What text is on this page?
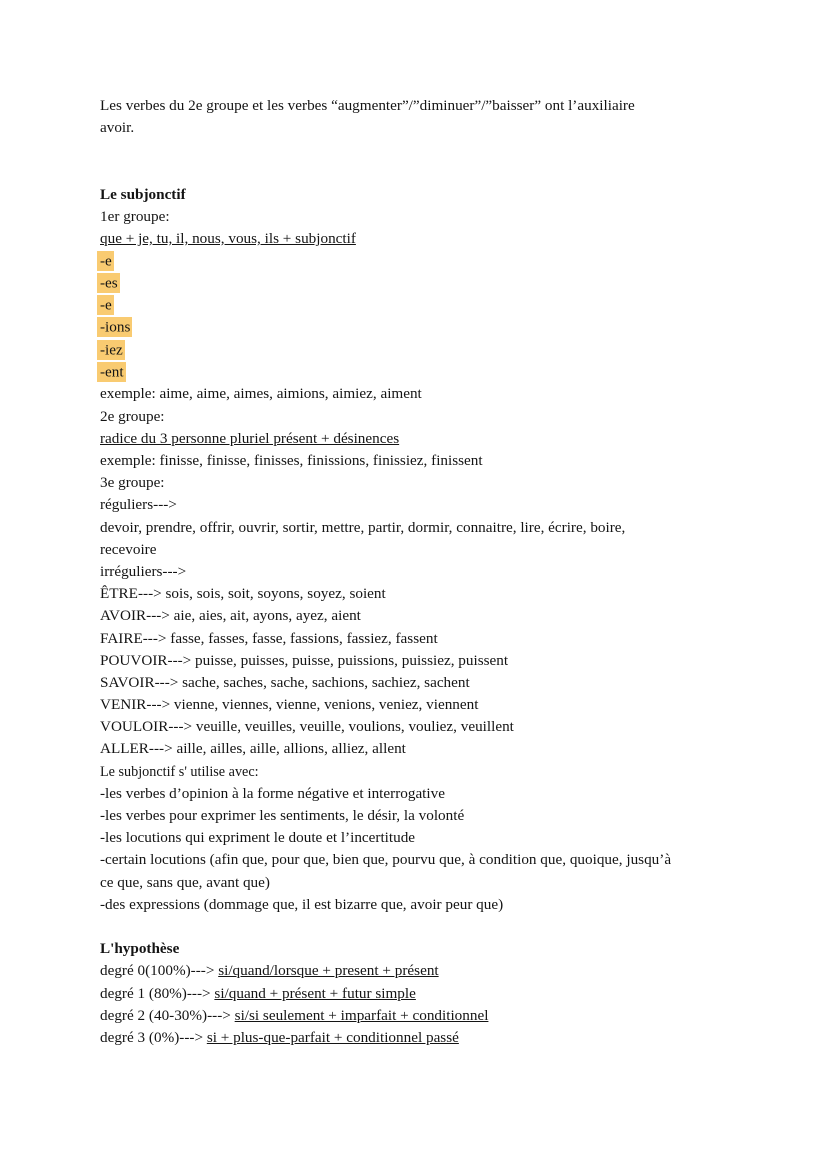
Les verbes du 2e groupe et les verbes “augmenter”/”diminuer”/”baisser” ont l’auxiliaire
avoir.
Le subjonctif
1er groupe:
que + je, tu, il, nous, vous, ils + subjonctif
-e
-es
-e
-ions
-iez
-ent
exemple: aime, aime, aimes, aimions, aimiez, aiment
2e groupe:
radice du 3 personne pluriel présent + désinences
exemple: finisse, finisse, finisses, finissions, finissiez, finissent
3e groupe:
réguliers--->
devoir, prendre, offrir, ouvrir, sortir, mettre, partir, dormir, connaitre, lire, écrire, boire,
recevoire
irréguliers--->
ÊTRE---> sois, sois, soit, soyons, soyez, soient
AVOIR---> aie, aies, ait, ayons, ayez, aient
FAIRE---> fasse, fasses, fasse, fassions, fassiez, fassent
POUVOIR---> puisse, puisses, puisse, puissions, puissiez, puissent
SAVOIR---> sache, saches, sache, sachions, sachiez, sachent
VENIR---> vienne, viennes, vienne, venions, veniez, viennent
VOULOIR---> veuille, veuilles, veuille, voulions, vouliez, veuillent
ALLER---> aille, ailles, aille, allions, alliez, allent
Le subjonctif s' utilise avec:
-les verbes d’opinion à la forme négative et interrogative
-les verbes pour exprimer les sentiments, le désir, la volonté
-les locutions qui expriment le doute et l’incertitude
-certain locutions (afin que, pour que, bien que, pourvu que, à condition que, quoique, jusqu’à
ce que, sans que, avant que)
-des expressions (dommage que, il est bizarre que, avoir peur que)
L'hypothèse
degré 0(100%)---> si/quand/lorsque + present + présent
degré 1 (80%)---> si/quand + présent + futur simple
degré 2 (40-30%)---> si/si seulement + imparfait + conditionnel
degré 3 (0%)---> si + plus-que-parfait + conditionnel passé
